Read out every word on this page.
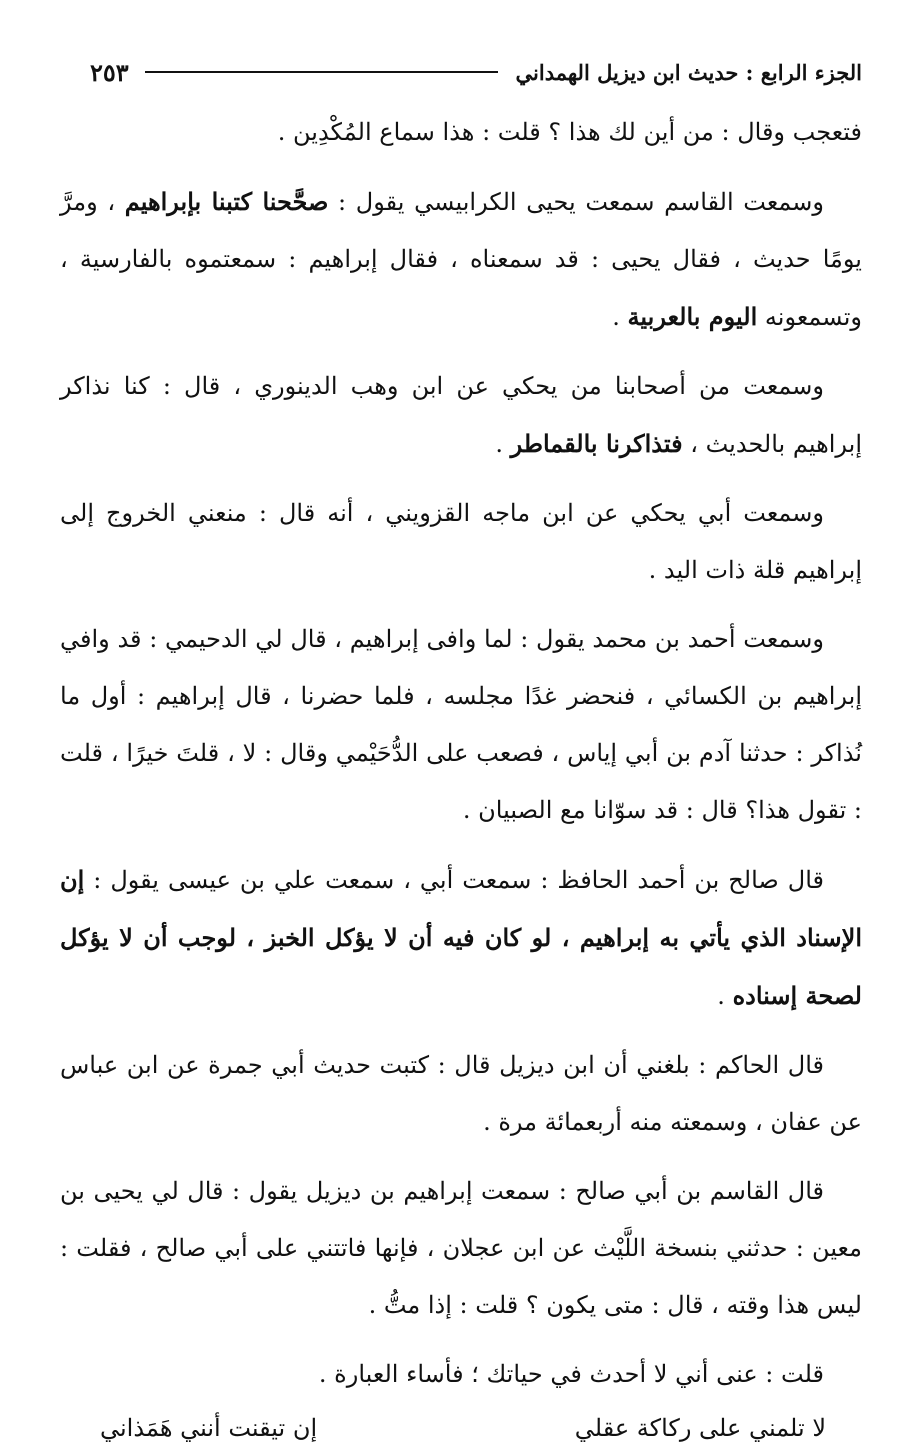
الجزء الرابع : حديث ابن ديزيل الهمداني
٢٥٣

فتعجب وقال : من أين لك هذا ؟ قلت : هذا سماع المُكْدِين .

وسمعت القاسم سمعت يحيى الكرابيسي يقول : صحَّحنا كتبنا بإبراهيم ، ومرَّ يومًا حديث ، فقال يحيى : قد سمعناه ، فقال إبراهيم : سمعتموه بالفارسية ، وتسمعونه اليوم بالعربية .

وسمعت من أصحابنا من يحكي عن ابن وهب الدينوري ، قال : كنا نذاكر إبراهيم بالحديث ، فتذاكرنا بالقماطر .

وسمعت أبي يحكي عن ابن ماجه القزويني ، أنه قال : منعني الخروج إلى إبراهيم قلة ذات اليد .

وسمعت أحمد بن محمد يقول : لما وافى إبراهيم ، قال لي الدحيمي : قد وافي إبراهيم بن الكسائي ، فنحضر غدًا مجلسه ، فلما حضرنا ، قال إبراهيم : أول ما نُذاكر : حدثنا آدم بن أبي إياس ، فصعب على الدُّحَيْمي وقال : لا ، قلتَ خيرًا ، قلت : تقول هذا؟ قال : قد سوّانا مع الصبيان .

قال صالح بن أحمد الحافظ : سمعت أبي ، سمعت علي بن عيسى يقول : إن الإسناد الذي يأتي به إبراهيم ، لو كان فيه أن لا يؤكل الخبز ، لوجب أن لا يؤكل لصحة إسناده .

قال الحاكم : بلغني أن ابن ديزيل قال : كتبت حديث أبي جمرة عن ابن عباس عن عفان ، وسمعته منه أربعمائة مرة .

قال القاسم بن أبي صالح : سمعت إبراهيم بن ديزيل يقول : قال لي يحيى بن معين : حدثني بنسخة اللَّيْث عن ابن عجلان ، فإنها فاتتني على أبي صالح ، فقلت : ليس هذا وقته ، قال : متى يكون ؟ قلت : إذا متُّ .

قلت : عنى أني لا أحدث في حياتك ؛ فأساء العبارة .

لا تلمني على ركاكة عقلي
إن تيقنت أنني هَمَذاني
